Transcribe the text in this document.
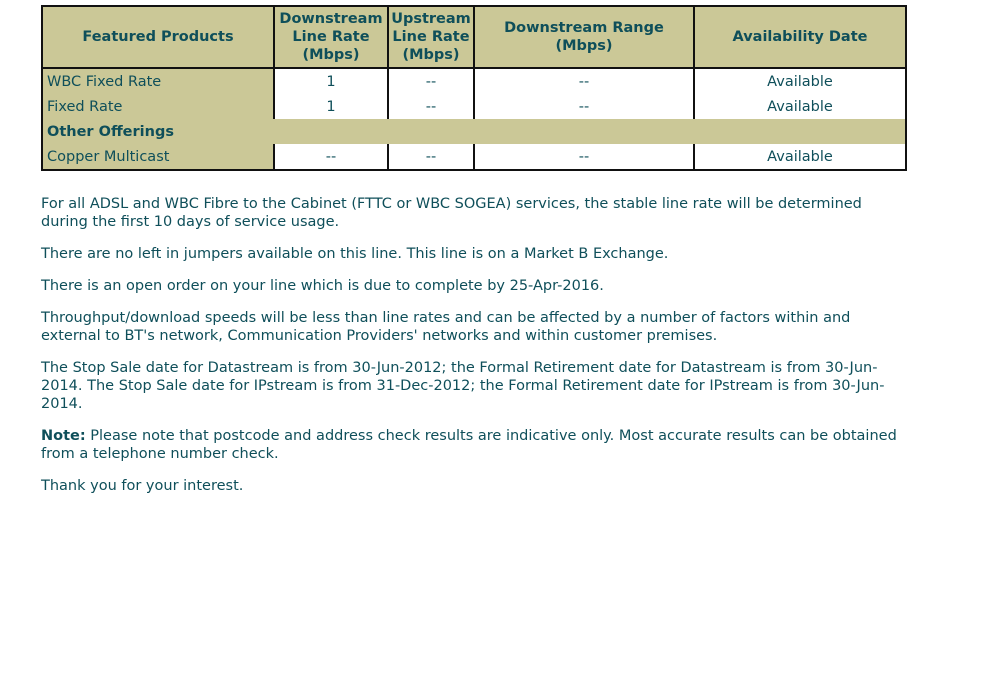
Featured Products	Downstream
Line Rate
(Mbps)	Upstream
Line Rate
(Mbps)	Downstream Range
(Mbps)	Availability Date
WBC Fixed Rate	1	--	--	Available
Fixed Rate	1	--	--	Available
Other Offerings				
Copper Multicast	--	--	--	Available

For all ADSL and WBC Fibre to the Cabinet (FTTC or WBC SOGEA) services, the stable line rate will be determined during the first 10 days of service usage.

There are no left in jumpers available on this line. This line is on a Market B Exchange.

There is an open order on your line which is due to complete by 25-Apr-2016.

Throughput/download speeds will be less than line rates and can be affected by a number of factors within and external to BT's network, Communication Providers' networks and within customer premises.

The Stop Sale date for Datastream is from 30-Jun-2012; the Formal Retirement date for Datastream is from 30-Jun-2014. The Stop Sale date for IPstream is from 31-Dec-2012; the Formal Retirement date for IPstream is from 30-Jun-2014.

Note: Please note that postcode and address check results are indicative only. Most accurate results can be obtained from a telephone number check.

Thank you for your interest.
